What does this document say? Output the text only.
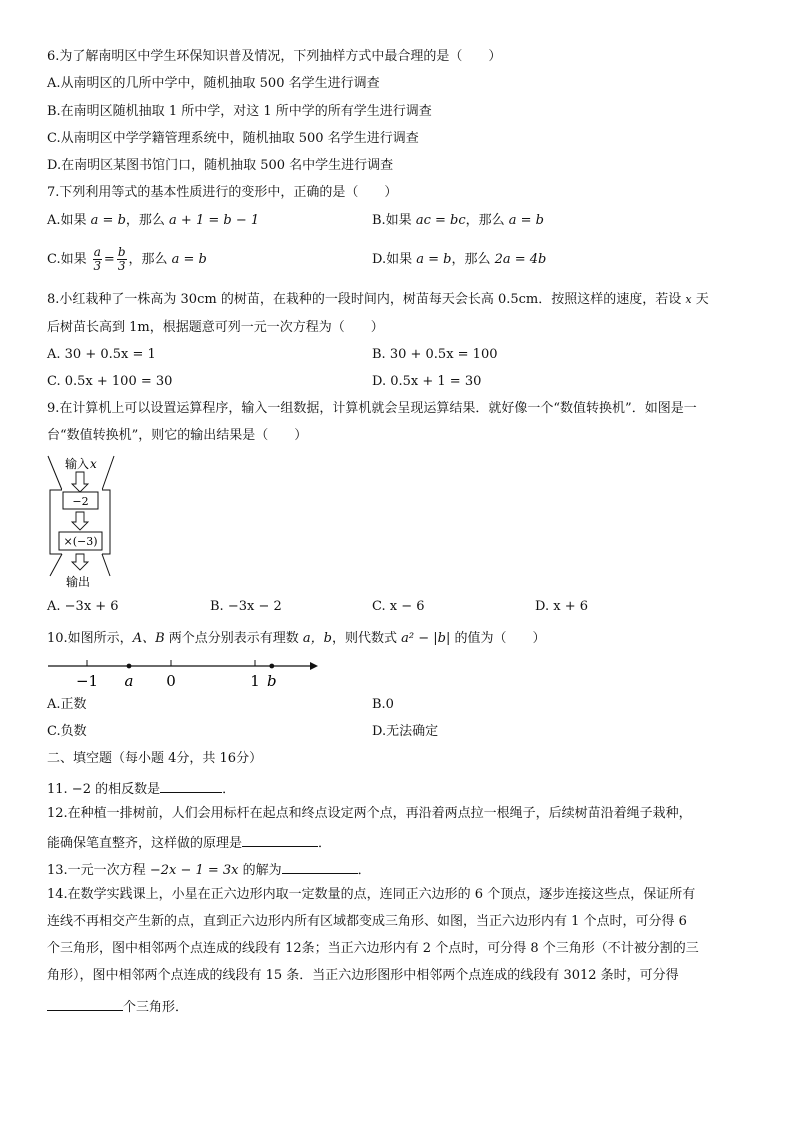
6.为了解南明区中学生环保知识普及情况，下列抽样方式中最合理的是（　　）
A.从南明区的几所中学中，随机抽取 500 名学生进行调查
B.在南明区随机抽取 1 所中学，对这 1 所中学的所有学生进行调查
C.从南明区中学学籍管理系统中，随机抽取 500 名学生进行调查
D.在南明区某图书馆门口，随机抽取 500 名中学生进行调查
7.下列利用等式的基本性质进行的变形中，正确的是（　　）
A.如果 a = b，那么 a + 1 = b − 1	B.如果 ac = bc，那么 a = b
C.如果 $\frac{a}{3} = \frac{b}{3}$ ，那么 a = b	D.如果 a = b，那么 2a = 4b
8.小红栽种了一株高为 30cm 的树苗，在栽种的一段时间内，树苗每天会长高 0.5cm．按照这样的速度，若设 x 天
后树苗长高到 1m，根据题意可列一元一次方程为（　　）
A. 30 + 0.5x = 1	B. 30 + 0.5x = 100
C. 0.5x + 100 = 30	D. 0.5x + 1 = 30
9.在计算机上可以设置运算程序，输入一组数据，计算机就会呈现运算结果．就好像一个“数值转换机”．如图是一
台“数值转换机”，则它的输出结果是（　　）
输入 x
−2
×(−3)
输出
A. −3x + 6	B. −3x − 2	C. x − 6	D. x + 6
10.如图所示，A、B 两个点分别表示有理数 a，b，则代数式 a² − |b| 的值为（　　）
−1 a 0	1 b
A.正数	B.0
C.负数	D.无法确定
二、填空题（每小题 4分，共 16分）
11. −2 的相反数是	．
12.在种植一排树前，人们会用标杆在起点和终点设定两个点，再沿着两点拉一根绳子，后续树苗沿着绳子栽种，
能确保笔直整齐，这样做的原理是	．
13.一元一次方程 −2x − 1 = 3x 的解为	．
14.在数学实践课上，小星在正六边形内取一定数量的点，连同正六边形的 6 个顶点，逐步连接这些点，保证所有
连线不再相交产生新的点，直到正六边形内所有区域都变成三角形、如图，当正六边形内有 1 个点时，可分得 6
个三角形，图中相邻两个点连成的线段有 12条；当正六边形内有 2 个点时，可分得 8 个三角形（不计被分割的三
角形），图中相邻两个点连成的线段有 15 条．当正六边形图形中相邻两个点连成的线段有 3012 条时，可分得
个三角形．
